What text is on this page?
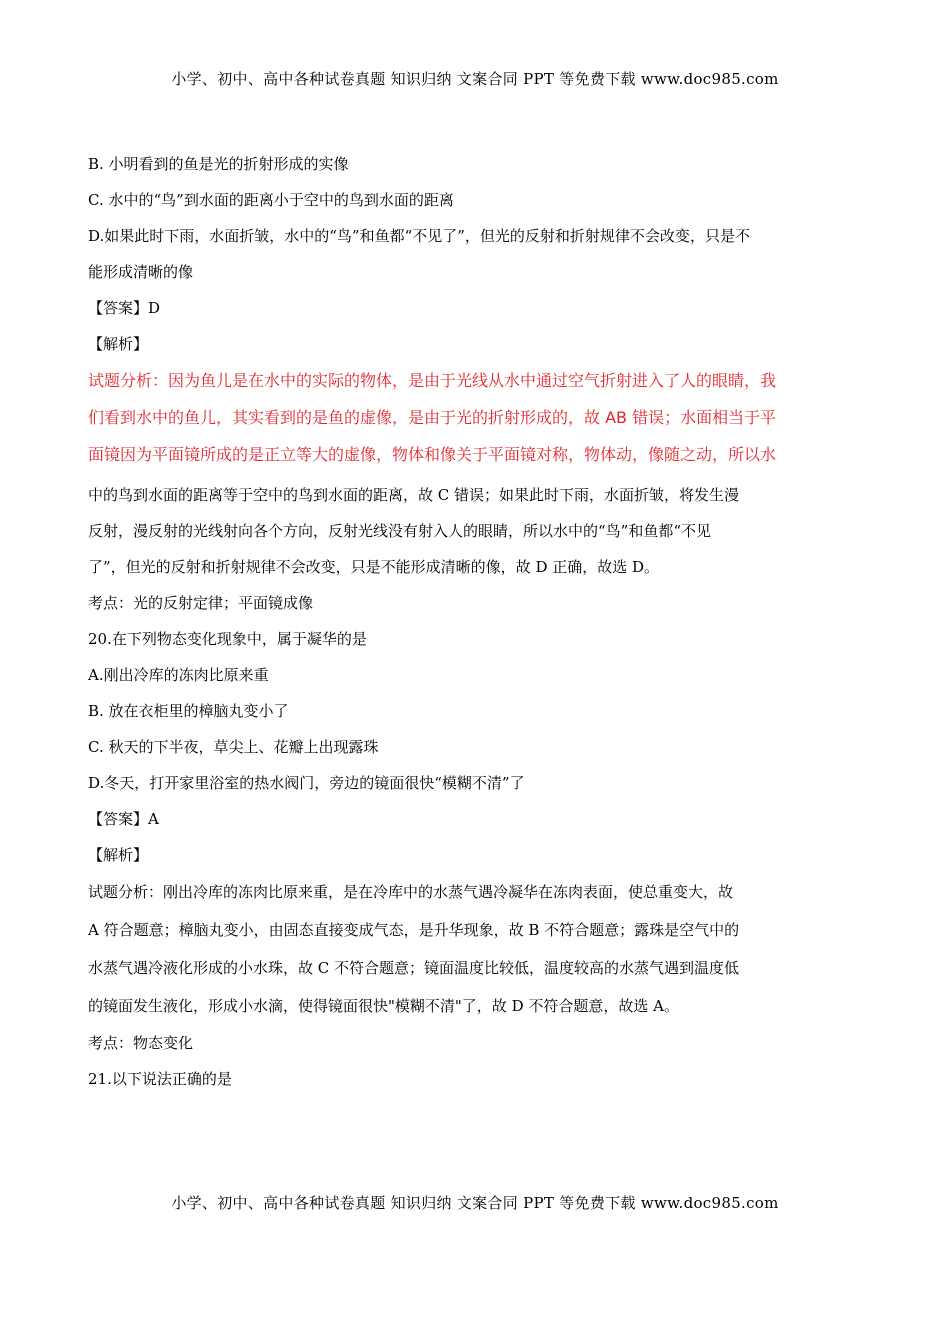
小学、初中、高中各种试卷真题 知识归纳 文案合同 PPT 等免费下载 www.doc985.com
B. 小明看到的鱼是光的折射形成的实像
C. 水中的“鸟”到水面的距离小于空中的鸟到水面的距离
D.如果此时下雨，水面折皱，水中的“鸟”和鱼都“不见了”，但光的反射和折射规律不会改变，只是不
能形成清晰的像
【答案】D
【解析】
试题分析：因为鱼儿是在水中的实际的物体，是由于光线从水中通过空气折射进入了人的眼睛，我
们看到水中的鱼儿，其实看到的是鱼的虚像，是由于光的折射形成的，故 AB 错误；水面相当于平
面镜因为平面镜所成的是正立等大的虚像，物体和像关于平面镜对称，物体动，像随之动，所以水
中的鸟到水面的距离等于空中的鸟到水面的距离，故 C 错误；如果此时下雨，水面折皱，将发生漫
反射，漫反射的光线射向各个方向，反射光线没有射入人的眼睛，所以水中的“鸟”和鱼都“不见
了”，但光的反射和折射规律不会改变，只是不能形成清晰的像，故 D 正确，故选 D。
考点：光的反射定律；平面镜成像
20.在下列物态变化现象中，属于凝华的是
A.刚出冷库的冻肉比原来重
B. 放在衣柜里的樟脑丸变小了
C. 秋天的下半夜，草尖上、花瓣上出现露珠
D.冬天，打开家里浴室的热水阀门，旁边的镜面很快“模糊不清”了
【答案】A
【解析】
试题分析：刚出冷库的冻肉比原来重，是在冷库中的水蒸气遇冷凝华在冻肉表面，使总重变大，故
A 符合题意；樟脑丸变小，由固态直接变成气态，是升华现象，故 B 不符合题意；露珠是空气中的
水蒸气遇冷液化形成的小水珠，故 C 不符合题意；镜面温度比较低，温度较高的水蒸气遇到温度低
的镜面发生液化，形成小水滴，使得镜面很快"模糊不清"了，故 D 不符合题意，故选 A。
考点：物态变化
21.以下说法正确的是
小学、初中、高中各种试卷真题 知识归纳 文案合同 PPT 等免费下载 www.doc985.com
